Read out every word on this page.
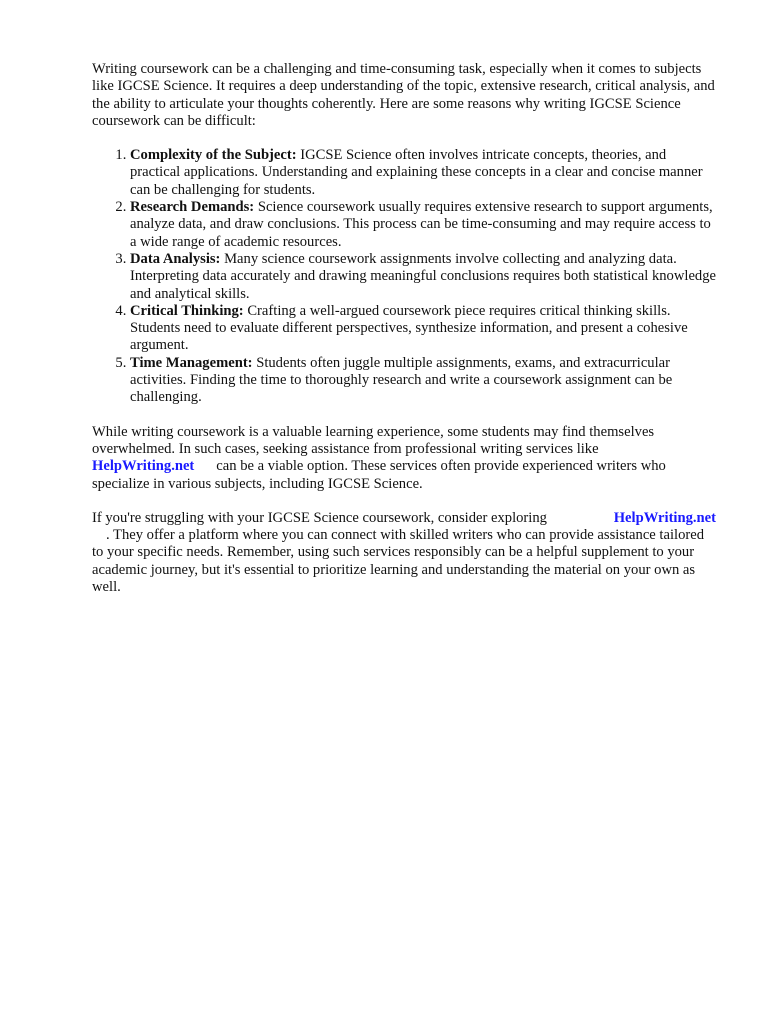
Writing coursework can be a challenging and time-consuming task, especially when it comes to subjects like IGCSE Science. It requires a deep understanding of the topic, extensive research, critical analysis, and the ability to articulate your thoughts coherently. Here are some reasons why writing IGCSE Science coursework can be difficult:

1. Complexity of the Subject: IGCSE Science often involves intricate concepts, theories, and practical applications. Understanding and explaining these concepts in a clear and concise manner can be challenging for students.
2. Research Demands: Science coursework usually requires extensive research to support arguments, analyze data, and draw conclusions. This process can be time-consuming and may require access to a wide range of academic resources.
3. Data Analysis: Many science coursework assignments involve collecting and analyzing data. Interpreting data accurately and drawing meaningful conclusions requires both statistical knowledge and analytical skills.
4. Critical Thinking: Crafting a well-argued coursework piece requires critical thinking skills. Students need to evaluate different perspectives, synthesize information, and present a cohesive argument.
5. Time Management: Students often juggle multiple assignments, exams, and extracurricular activities. Finding the time to thoroughly research and write a coursework assignment can be challenging.

While writing coursework is a valuable learning experience, some students may find themselves overwhelmed. In such cases, seeking assistance from professional writing services like
HelpWriting.net can be a viable option. These services often provide experienced writers who specialize in various subjects, including IGCSE Science.

HelpWriting.net
If you're struggling with your IGCSE Science coursework, consider exploring
. They offer a platform where you can connect with skilled writers who can provide assistance tailored to your specific needs. Remember, using such services responsibly can be a helpful supplement to your academic journey, but it's essential to prioritize learning and understanding the material on your own as well.
